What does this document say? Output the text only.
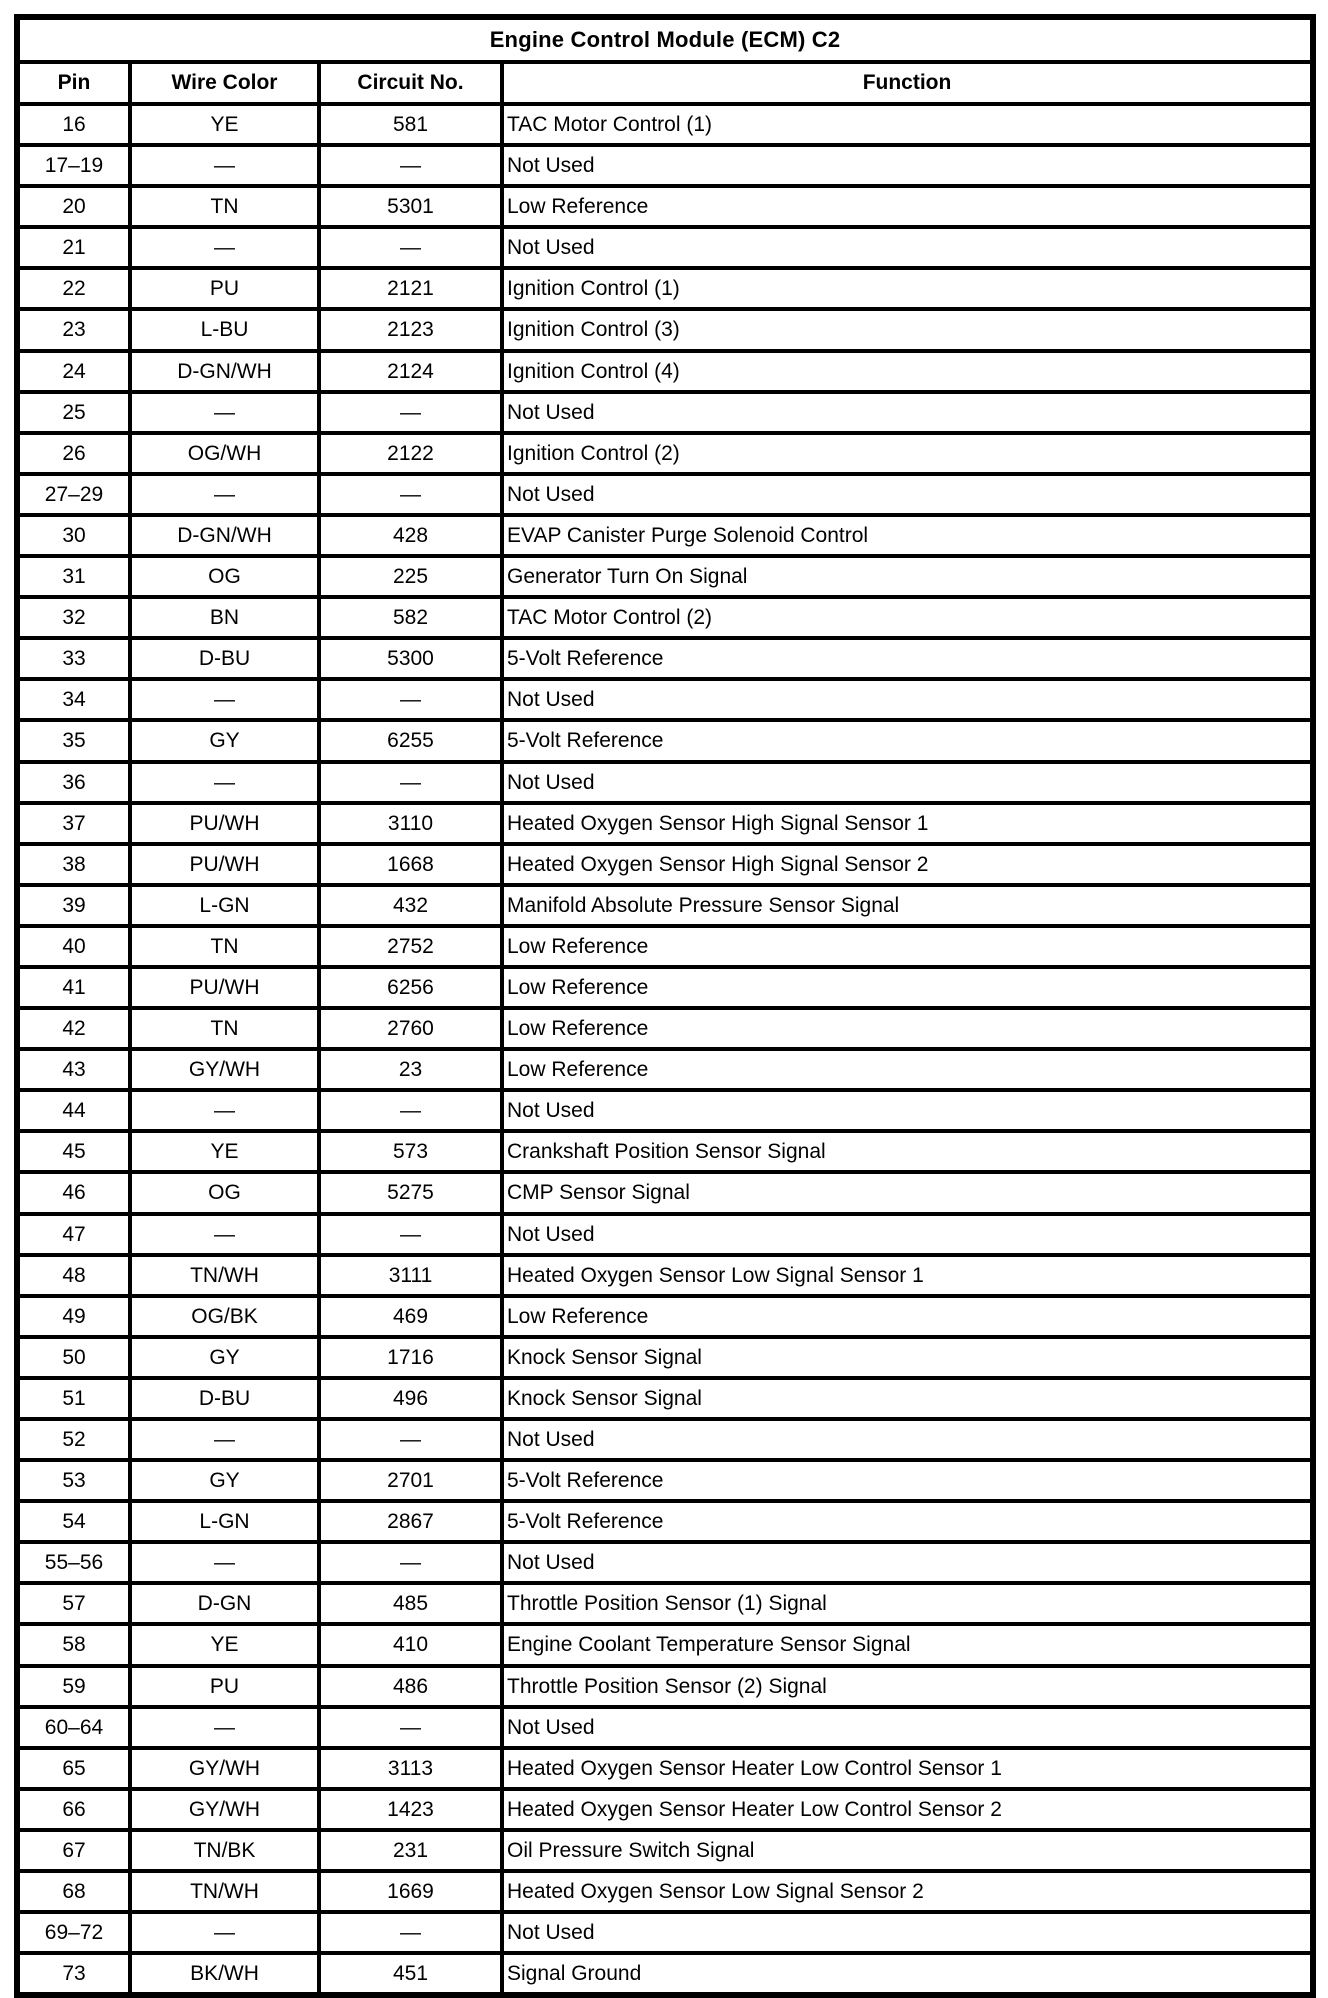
Engine Control Module (ECM) C2			
Pin	Wire Color	Circuit No.	Function
16	YE	581	TAC Motor Control (1)
17–19	—	—	Not Used
20	TN	5301	Low Reference
21	—	—	Not Used
22	PU	2121	Ignition Control (1)
23	L-BU	2123	Ignition Control (3)
24	D-GN/WH	2124	Ignition Control (4)
25	—	—	Not Used
26	OG/WH	2122	Ignition Control (2)
27–29	—	—	Not Used
30	D-GN/WH	428	EVAP Canister Purge Solenoid Control
31	OG	225	Generator Turn On Signal
32	BN	582	TAC Motor Control (2)
33	D-BU	5300	5-Volt Reference
34	—	—	Not Used
35	GY	6255	5-Volt Reference
36	—	—	Not Used
37	PU/WH	3110	Heated Oxygen Sensor High Signal Sensor 1
38	PU/WH	1668	Heated Oxygen Sensor High Signal Sensor 2
39	L-GN	432	Manifold Absolute Pressure Sensor Signal
40	TN	2752	Low Reference
41	PU/WH	6256	Low Reference
42	TN	2760	Low Reference
43	GY/WH	23	Low Reference
44	—	—	Not Used
45	YE	573	Crankshaft Position Sensor Signal
46	OG	5275	CMP Sensor Signal
47	—	—	Not Used
48	TN/WH	3111	Heated Oxygen Sensor Low Signal Sensor 1
49	OG/BK	469	Low Reference
50	GY	1716	Knock Sensor Signal
51	D-BU	496	Knock Sensor Signal
52	—	—	Not Used
53	GY	2701	5-Volt Reference
54	L-GN	2867	5-Volt Reference
55–56	—	—	Not Used
57	D-GN	485	Throttle Position Sensor (1) Signal
58	YE	410	Engine Coolant Temperature Sensor Signal
59	PU	486	Throttle Position Sensor (2) Signal
60–64	—	—	Not Used
65	GY/WH	3113	Heated Oxygen Sensor Heater Low Control Sensor 1
66	GY/WH	1423	Heated Oxygen Sensor Heater Low Control Sensor 2
67	TN/BK	231	Oil Pressure Switch Signal
68	TN/WH	1669	Heated Oxygen Sensor Low Signal Sensor 2
69–72	—	—	Not Used
73	BK/WH	451	Signal Ground
